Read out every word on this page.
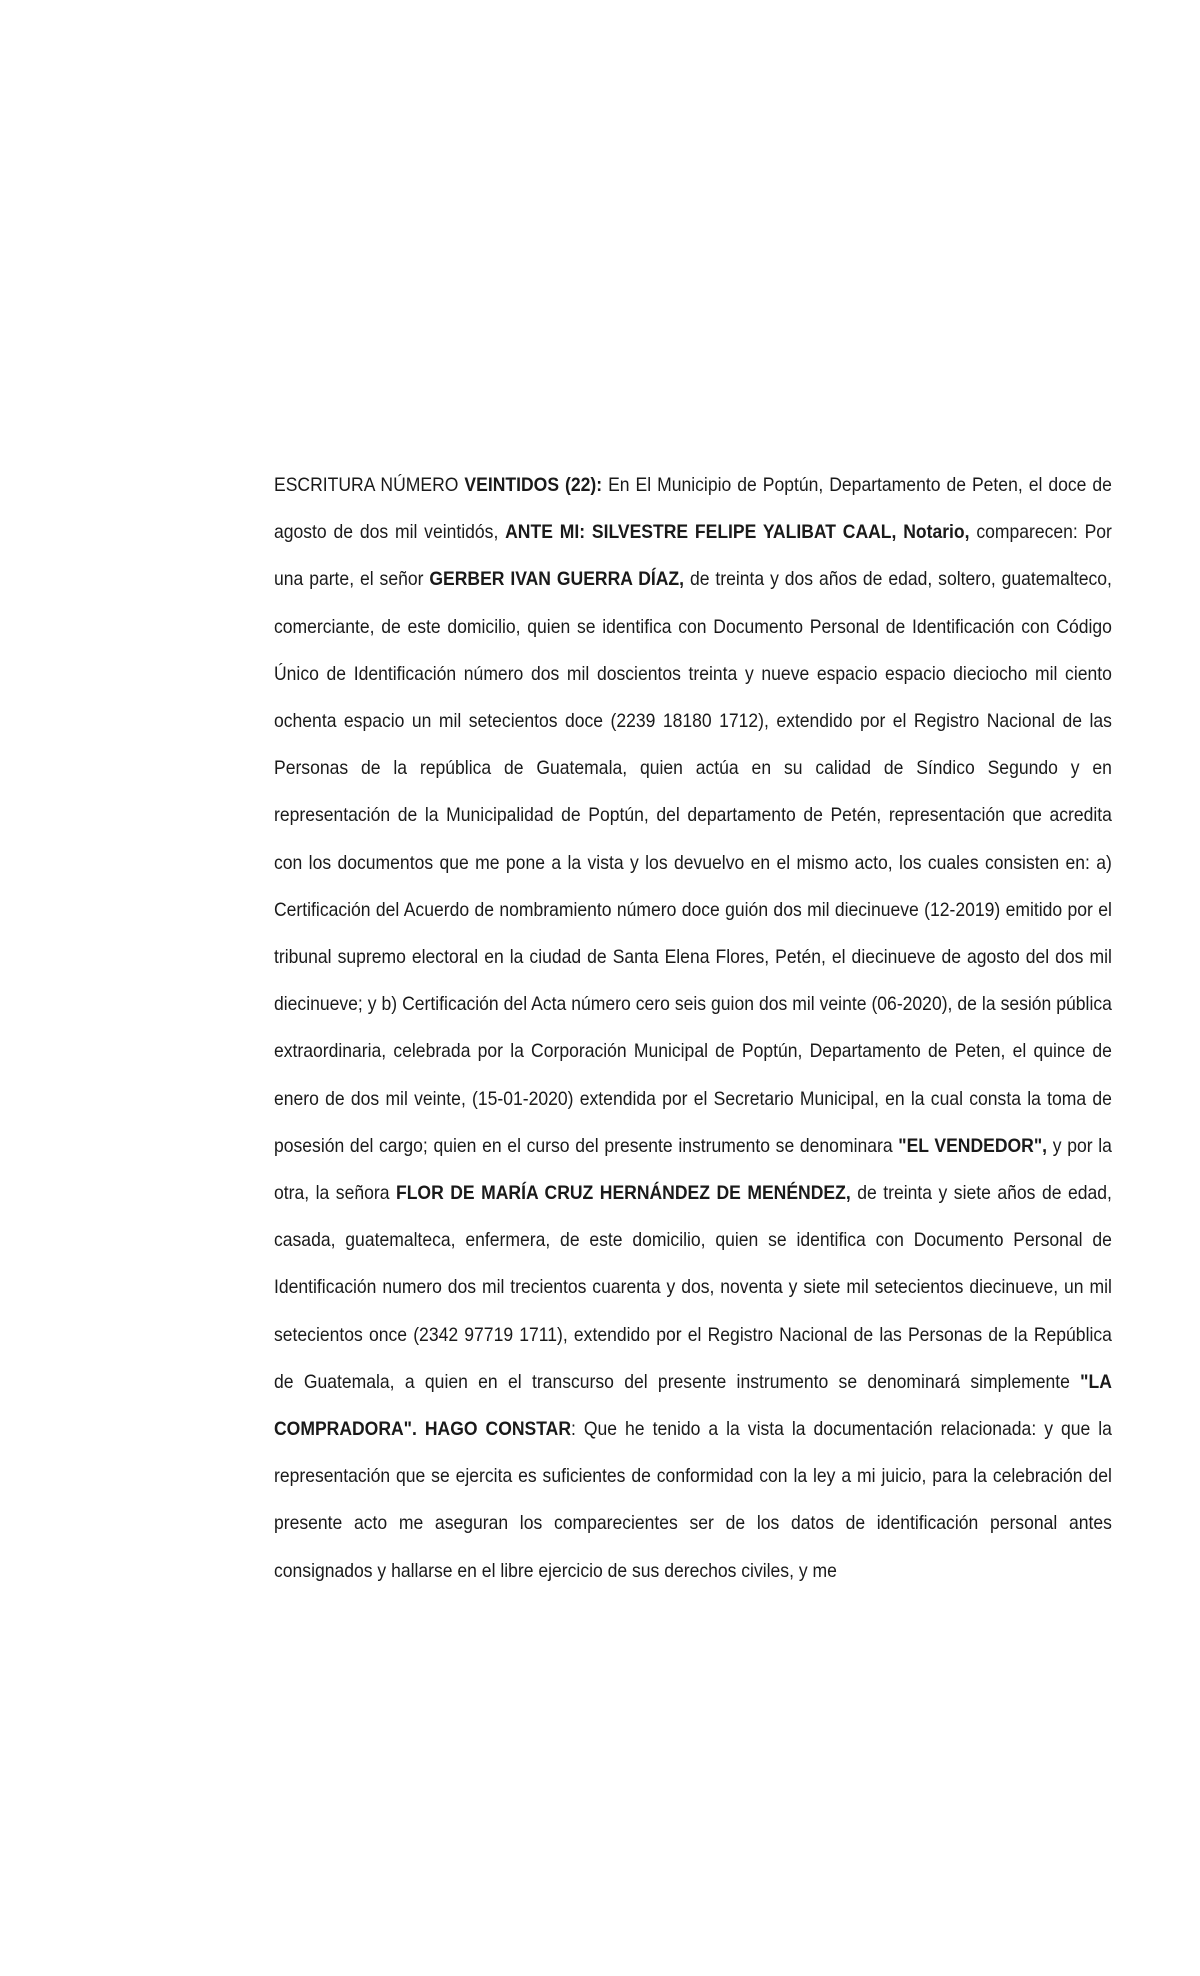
ESCRITURA NÚMERO VEINTIDOS (22): En El Municipio de Poptún, Departamento de Peten, el doce de agosto de dos mil veintidós, ANTE MI: SILVESTRE FELIPE YALIBAT CAAL, Notario, comparecen: Por una parte, el señor GERBER IVAN GUERRA DÍAZ, de treinta y dos años de edad, soltero, guatemalteco, comerciante, de este domicilio, quien se identifica con Documento Personal de Identificación con Código Único de Identificación número dos mil doscientos treinta y nueve espacio espacio dieciocho mil ciento ochenta espacio un mil setecientos doce (2239 18180 1712), extendido por el Registro Nacional de las Personas de la república de Guatemala, quien actúa en su calidad de Síndico Segundo y en representación de la Municipalidad de Poptún, del departamento de Petén, representación que acredita con los documentos que me pone a la vista y los devuelvo en el mismo acto, los cuales consisten en: a) Certificación del Acuerdo de nombramiento número doce guión dos mil diecinueve (12-2019) emitido por el tribunal supremo electoral en la ciudad de Santa Elena Flores, Petén, el diecinueve de agosto del dos mil diecinueve; y b) Certificación del Acta número cero seis guion dos mil veinte (06-2020), de la sesión pública extraordinaria, celebrada por la Corporación Municipal de Poptún, Departamento de Peten, el quince de enero de dos mil veinte, (15-01-2020) extendida por el Secretario Municipal, en la cual consta la toma de posesión del cargo; quien en el curso del presente instrumento se denominara "EL VENDEDOR", y por la otra, la señora FLOR DE MARÍA CRUZ HERNÁNDEZ DE MENÉNDEZ, de treinta y siete años de edad, casada, guatemalteca, enfermera, de este domicilio, quien se identifica con Documento Personal de Identificación numero dos mil trecientos cuarenta y dos, noventa y siete mil setecientos diecinueve, un mil setecientos once (2342 97719 1711), extendido por el Registro Nacional de las Personas de la República de Guatemala, a quien en el transcurso del presente instrumento se denominará simplemente "LA COMPRADORA". HAGO CONSTAR: Que he tenido a la vista la documentación relacionada: y que la representación que se ejercita es suficientes de conformidad con la ley a mi juicio, para la celebración del presente acto me aseguran los comparecientes ser de los datos de identificación personal antes consignados y hallarse en el libre ejercicio de sus derechos civiles, y me
